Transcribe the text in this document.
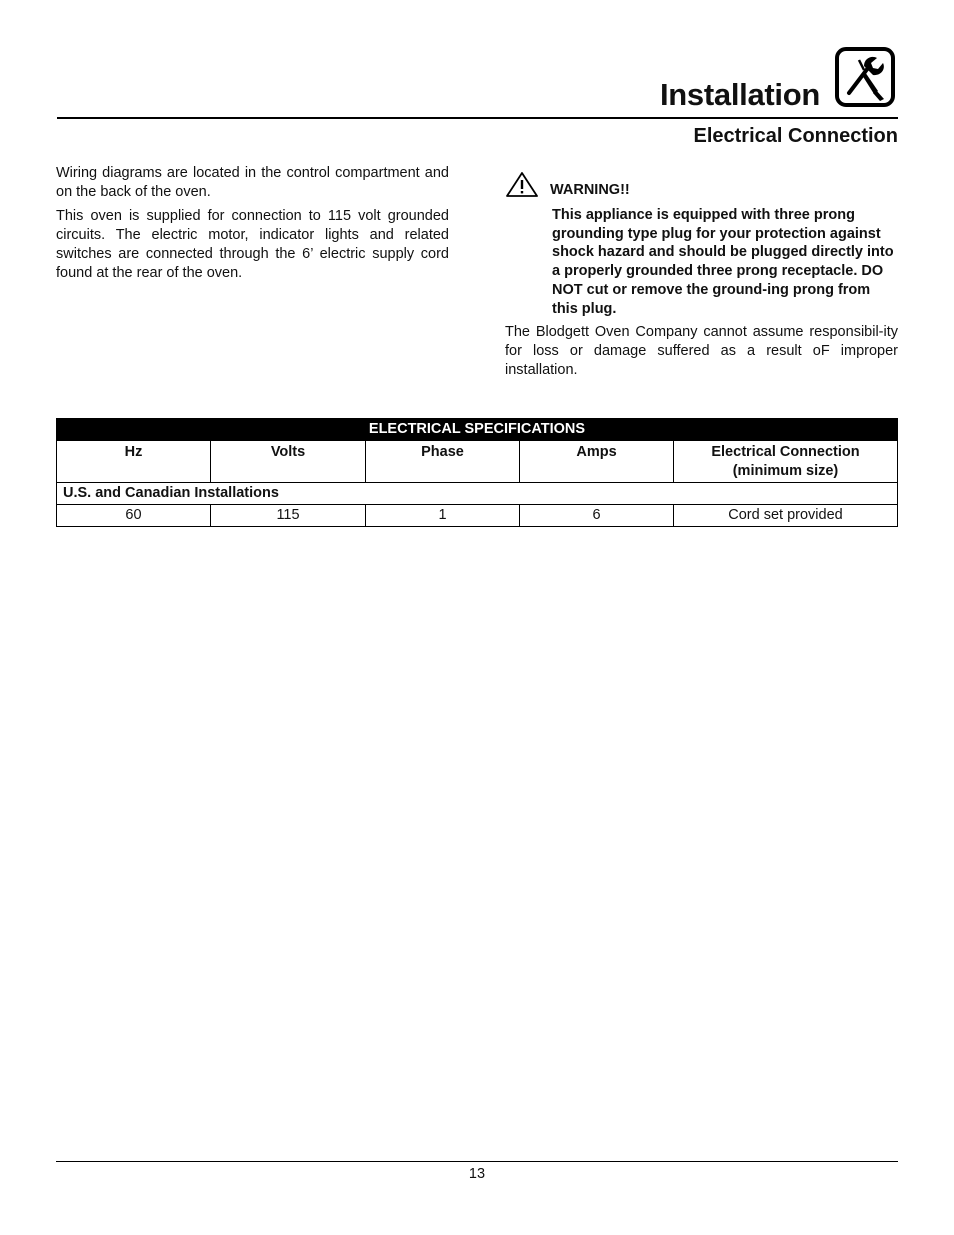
Installation
Electrical Connection

Wiring diagrams are located in the control compartment and on the back of the oven.

This oven is supplied for connection to 115 volt grounded circuits. The electric motor, indicator lights and related switches are connected through the 6’ electric supply cord found at the rear of the oven.

WARNING!!
This appliance is equipped with three prong grounding type plug for your protection against shock hazard and should be plugged directly into a properly grounded three prong receptacle. DO NOT cut or remove the ground-ing prong from this plug.
The Blodgett Oven Company cannot assume responsibil-ity for loss or damage suffered as a result oF improper installation.
ELECTRICAL SPECIFICATIONS				
Hz	Volts	Phase	Amps	Electrical Connection
(minimum size)

U.S. and Canadian Installations				
60	115	1	6	Cord set provided
13
